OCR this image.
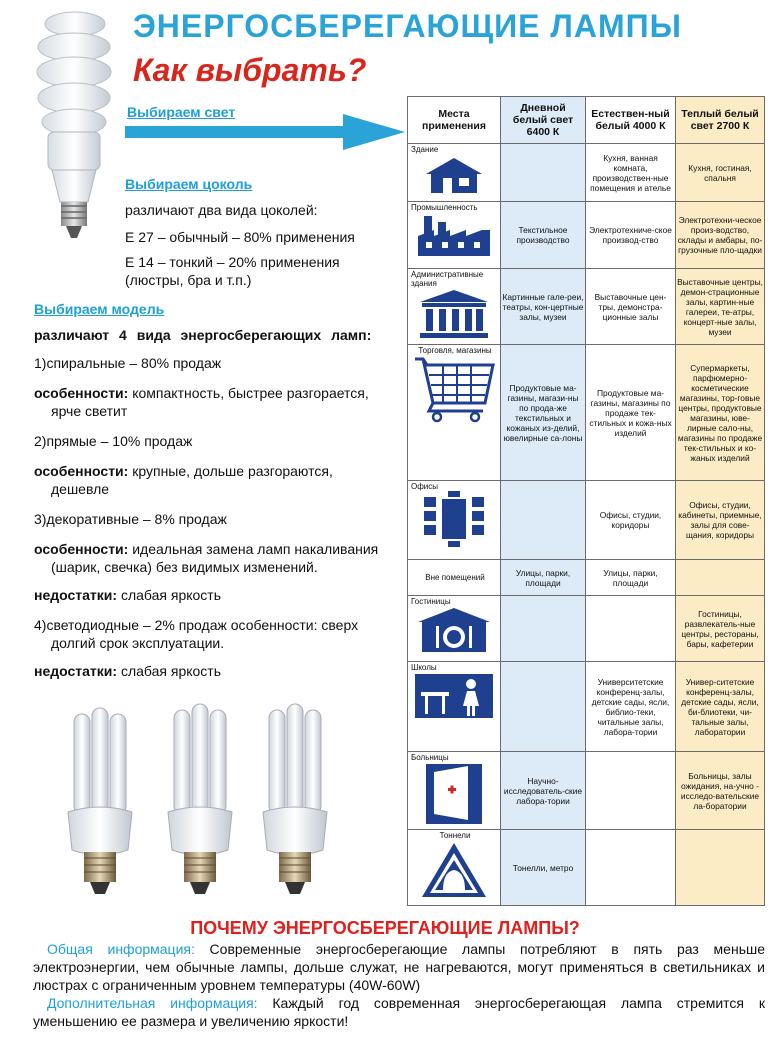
ЭНЕРГОСБЕРЕГАЮЩИЕ ЛАМПЫ
Как выбрать?
Выбираем свет
Выбираем цоколь
различают два вида цоколей:
Е 27 – обычный – 80% применения
Е 14 – тонкий – 20% применения (люстры, бра и т.п.)
Выбираем модель

различают 4 вида энергосберегающих ламп:

1)спиральные – 80% продаж

особенности: компактность, быстрее разгорается, ярче светит

2)прямые – 10% продаж

особенности: крупные, дольше разгораются, дешевле

3)декоративные – 8% продаж

особенности: идеальная замена ламп накаливания (шарик, свечка) без видимых изменений.

недостатки: слабая яркость

4)светодиодные – 2% продаж особенности: сверх долгий срок эксплуатации.

недостатки: слабая яркость

Места применения	Дневной белый свет 6400 К	Естествен-ный белый 4000 К	Теплый белый свет 2700 К

Здание		Кухня, ванная комната, производствен-ные помещения и ателье	Кухня, гостиная, спальня

Промышленность	Текстильное производство	Электротехниче-ское производ-ство	Электротехни-ческое произ-водство, склады и амбары, по-грузочные пло-щадки

Административные здания	Картинные гале-реи, театры, кон-цертные залы, музеи	Выставочные цен-тры, демонстра-ционные залы	Выставочные центры, демон-страционные залы, картин-ные галереи, те-атры, концерт-ные залы, музеи

Торговля, магазины	Продуктовые ма-газины, магази-ны по прода-же текстильных и кожаных из-делий, ювелирные са-лоны	Продуктовые ма-газины, магазины по продаже тек-стильных и кожа-ных изделий	Супермаркеты, парфюмерно-косметические магазины, тор-говые центры, продуктовые магазины, юве-лирные сало-ны, магазины по продаже тек-стильных и ко-жаных изделий

Офисы		Офисы, студии, коридоры	Офисы, студии, кабинеты, приемные, залы для сове-щания, коридоры

Вне помещений	Улицы, парки, площади	Улицы, парки, площади	

Гостиницы			Гостиницы, развлекатель-ные центры, рестораны, бары, кафетерии

Школы		Университетские конференц-залы, детские сады, ясли, библио-теки, читальные залы, лабора-тории	Универ-ситетские конференц-залы, детские сады, ясли, би-блиотеки, чи-тальные залы, лаборатории

Больницы	Научно-исследователь-ские лабора-тории		Больницы, залы ожидания, на-учно - исследо-вательские ла-боратории

Тоннели	Тонелли, метро		
ПОЧЕМУ ЭНЕРГОСБЕРЕГАЮЩИЕ ЛАМПЫ?
Общая информация: Современные энергосберегающие лампы потребляют в пять раз меньше электроэнергии, чем обычные лампы, дольше служат, не нагреваются, могут применяться в светильниках и люстрах с ограниченным уровнем температуры (40W-60W)
Дополнительная информация: Каждый год современная энергосберегающая лампа стремится к уменьшению ее размера и увеличению яркости!
